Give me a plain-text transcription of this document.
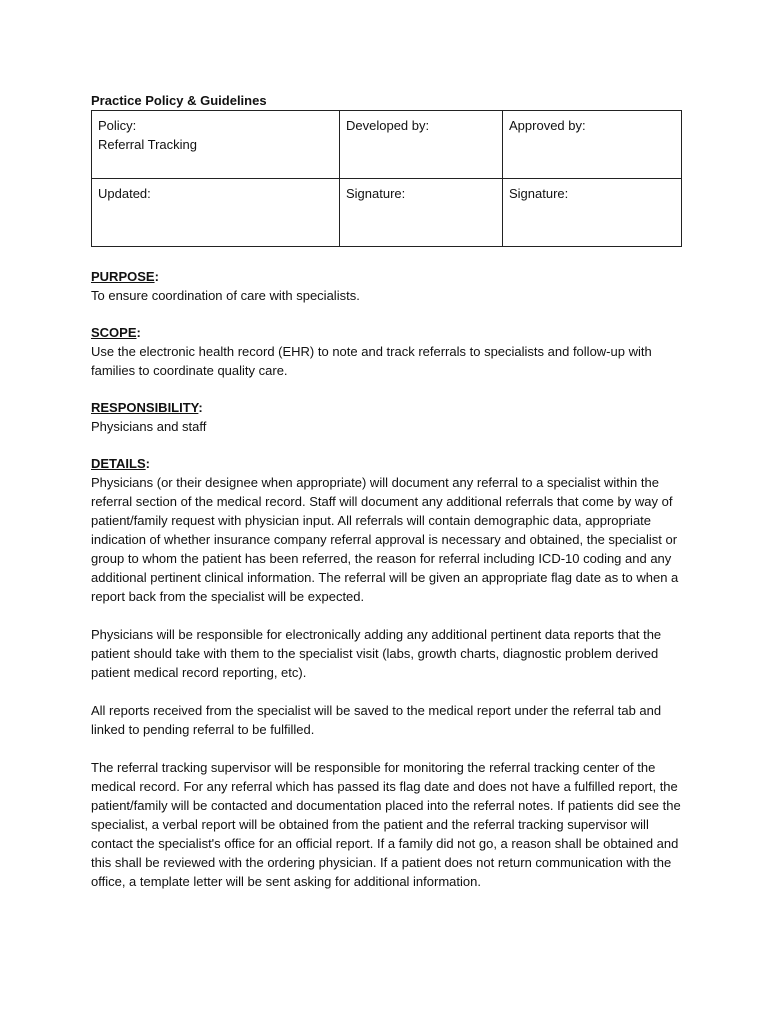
Practice Policy & Guidelines

Policy:
Referral Tracking	Developed by:	Approved by:

Updated:	Signature:	Signature:
PURPOSE:

To ensure coordination of care with specialists.

SCOPE:

Use the electronic health record (EHR) to note and track referrals to specialists and follow-up with families to coordinate quality care.

RESPONSIBILITY:

Physicians and staff

DETAILS:

Physicians (or their designee when appropriate) will document any referral to a specialist within the referral section of the medical record. Staff will document any additional referrals that come by way of patient/family request with physician input. All referrals will contain demographic data, appropriate indication of whether insurance company referral approval is necessary and obtained, the specialist or group to whom the patient has been referred, the reason for referral including ICD-10 coding and any additional pertinent clinical information. The referral will be given an appropriate flag date as to when a report back from the specialist will be expected.

Physicians will be responsible for electronically adding any additional pertinent data reports that the patient should take with them to the specialist visit (labs, growth charts, diagnostic problem derived patient medical record reporting, etc).

All reports received from the specialist will be saved to the medical report under the referral tab and linked to pending referral to be fulfilled.

The referral tracking supervisor will be responsible for monitoring the referral tracking center of the medical record. For any referral which has passed its flag date and does not have a fulfilled report, the patient/family will be contacted and documentation placed into the referral notes. If patients did see the specialist, a verbal report will be obtained from the patient and the referral tracking supervisor will contact the specialist's office for an official report. If a family did not go, a reason shall be obtained and this shall be reviewed with the ordering physician. If a patient does not return communication with the office, a template letter will be sent asking for additional information.
